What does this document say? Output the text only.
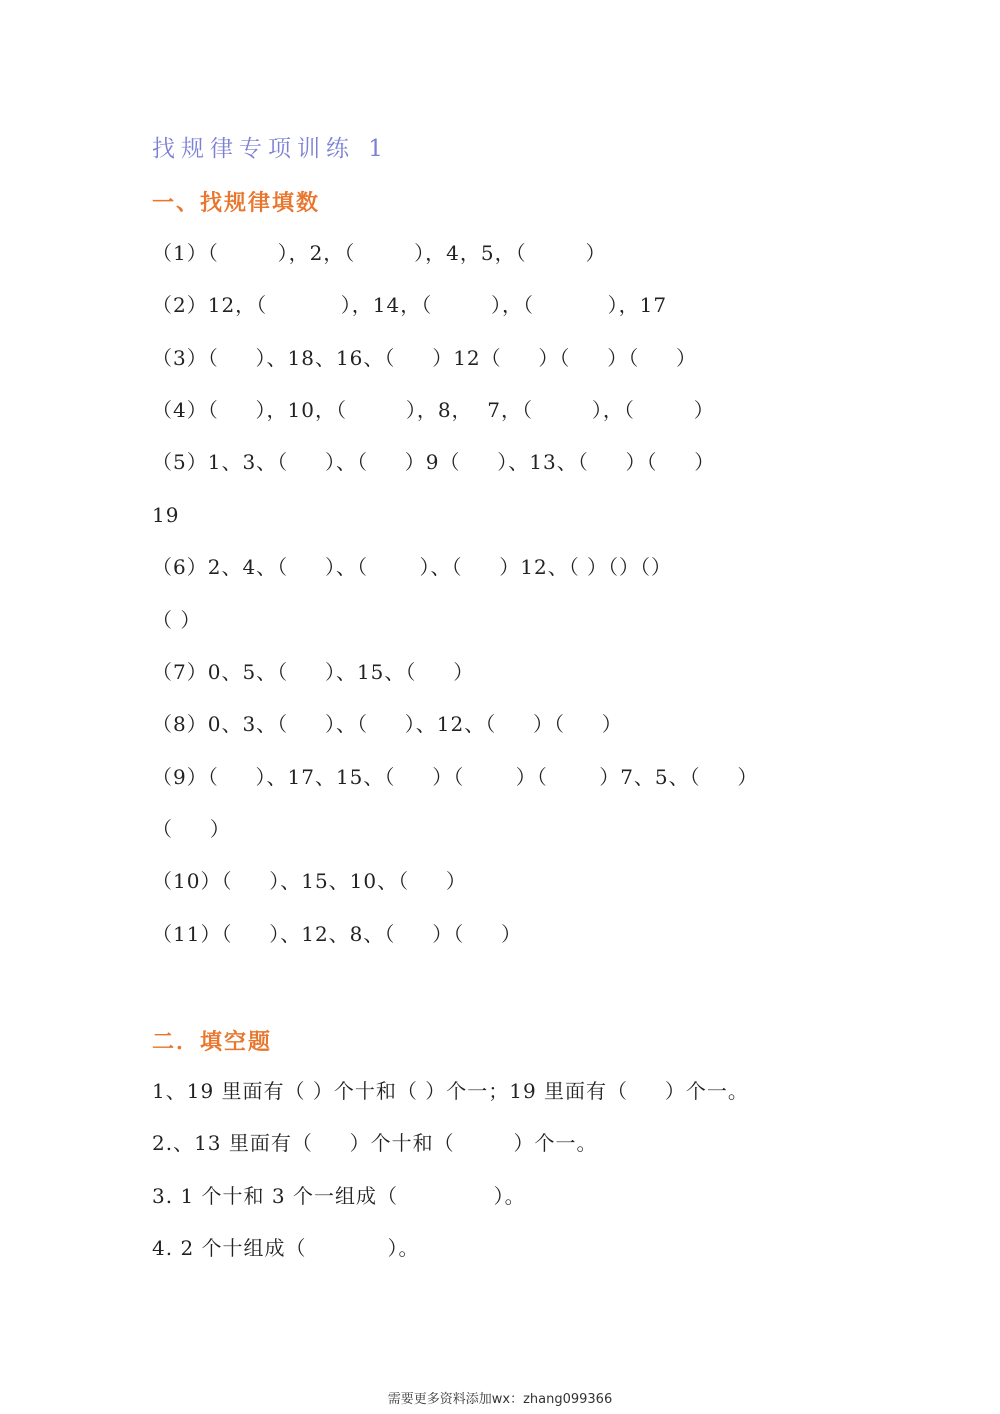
找规律专项训练 1
一、找规律填数
（1）（        ），2，（        ），4，5，（        ）
（2）12，（          ），14，（        ），（          ），17
（3）（     ）、18、16、（     ）12（     ）（     ）（     ）
（4）（     ），10，（        ），8，  7，（        ），（        ）
（5）1、3、（     ）、（     ）9（     ）、13、（     ）（     ）
19
（6）2、4、（     ）、（       ）、（     ）12、（ ）（）（）
（ ）
（7）0、5、（     ）、15、（     ）
（8）0、3、（     ）、（     ）、12、（     ）（     ）
（9）（     ）、17、15、（     ）（       ）（       ）7、5、（     ）
（     ）
（10）（     ）、15、10、（     ）
（11）（     ）、12、8、（     ）（     ）
二．填空题
1、19 里面有（ ）个十和（ ）个一；19 里面有（     ）个一。
2.、13 里面有（     ）个十和（        ）个一。
3. 1 个十和 3 个一组成（             ）。
4. 2 个十组成（           ）。
需要更多资料添加wx：zhang099366
